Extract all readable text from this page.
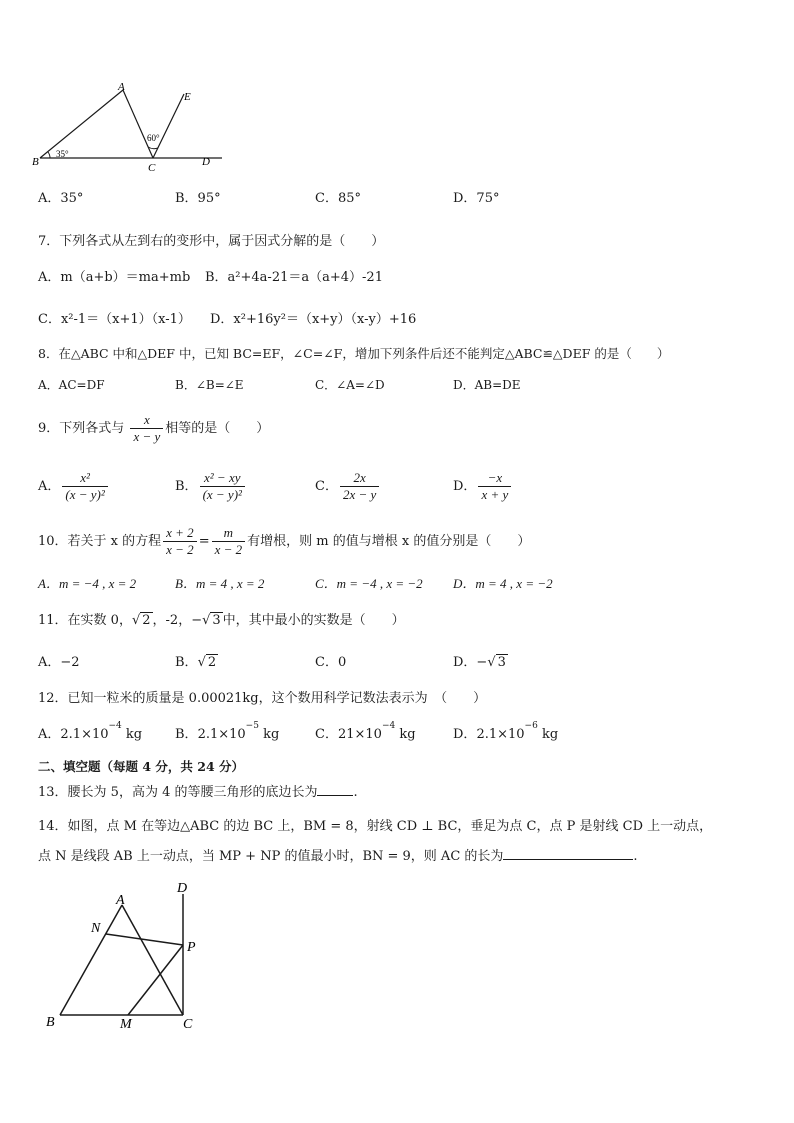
A
B	C	D
E
35°
60°
A．35°	B．95°	C．85°	D．75°
7．下列各式从左到右的变形中，属于因式分解的是（　　）
A．m（a+b）＝ma+mb B．a²+4a-21＝a（a+4）-21
C．x²-1＝（x+1）（x-1） D．x²+16y²＝（x+y）（x-y）+16
8．在△ABC 中和△DEF 中，已知 BC=EF，∠C=∠F，增加下列条件后还不能判定△ABC≌△DEF 的是（　　）
A．AC=DF	B．∠B=∠E	C．∠A=∠D	D．AB=DE
9．下列各式与 $\frac{x}{x - y}$ 相等的是（　　）
A． $\frac{\text{x²}}{\text{(x − y)²}}$	B． $\frac{\text{x² − xy}}{\text{(x − y)²}}$	C． $\frac{2x}{2x - y}$	D． $\frac{-x}{x + y}$
10．若关于 x 的方程 $\frac{x + 2}{x - 2} = \frac{m}{x - 2}$ 有增根，则 m 的值与增根 x 的值分别是（　　）
A．m = −4 , x = 2	B．m = 4 , x = 2	C．m = −4 , x = −2 D．m = 4 , x = −2
11．在实数 0，√ 2 ，-2，−√ 3 中，其中最小的实数是（　　）
A．−2	B．√ 2	C．0	D．−√ 3
12．已知一粒米的质量是 0.00021kg，这个数用科学记数法表示为　（　　）
A．$2.1\times 10^{-4}$ kg	B．$2.1\times 10^{-5}$ kg	C．$21\times 10^{-4}$ kg	D．$2.1\times 10^{-6}$ kg
二、填空题（每题 4 分，共 24 分）
13．腰长为 5，高为 4 的等腰三角形的底边长为	.
14．如图，点 M 在等边△ABC 的边 BC 上，BM = 8，射线 CD ⊥ BC，垂足为点 C，点 P 是射线 CD 上一动点，
点 N 是线段 AB 上一动点，当 MP + NP 的值最小时，BN = 9，则 AC 的长为	.
A
B	C
D
M
N
P
